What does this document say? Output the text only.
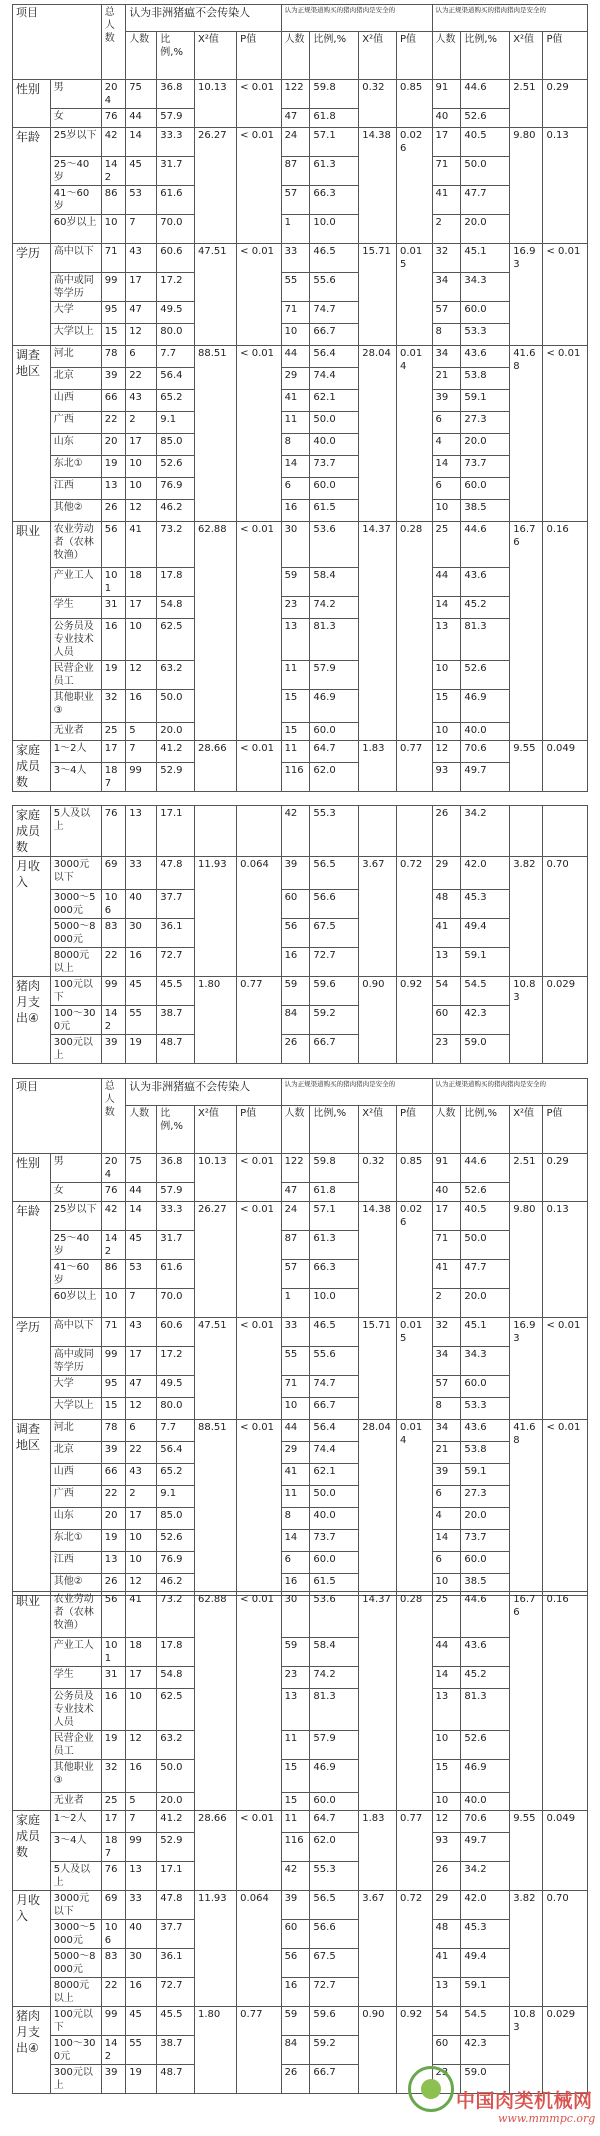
项目		总人数	认为非洲猪瘟不会传染人				认为正规渠道购买的猪肉猪肉是安全的				认为正规渠道购买的猪肉猪肉是安全的			
			人数	比例,%	X²值	P值	人数	比例,%	X²值	P值	人数	比例,%	X²值	P值
性别	男	204	75	36.8	10.13	< 0.01	122	59.8	0.32	0.85	91	44.6	2.51	0.29
	女	76	44	57.9			47	61.8			40	52.6		
年龄	25岁以下	42	14	33.3	26.27	< 0.01	24	57.1	14.38	0.026	17	40.5	9.80	0.13
	25～40岁	142	45	31.7			87	61.3			71	50.0		
	41～60岁	86	53	61.6			57	66.3			41	47.7		
	60岁以上	10	7	70.0			1	10.0			2	20.0		
学历	高中以下	71	43	60.6	47.51	< 0.01	33	46.5	15.71	0.015	32	45.1	16.93	< 0.01
	高中或同等学历	99	17	17.2			55	55.6			34	34.3		
	大学	95	47	49.5			71	74.7			57	60.0		
	大学以上	15	12	80.0			10	66.7			8	53.3		
调查地区	河北	78	6	7.7	88.51	< 0.01	44	56.4	28.04	0.014	34	43.6	41.68	< 0.01
	北京	39	22	56.4			29	74.4			21	53.8		
	山西	66	43	65.2			41	62.1			39	59.1		
	广西	22	2	9.1			11	50.0			6	27.3		
	山东	20	17	85.0			8	40.0			4	20.0		
	东北①	19	10	52.6			14	73.7			14	73.7		
	江西	13	10	76.9			6	60.0			6	60.0		
	其他②	26	12	46.2			16	61.5			10	38.5		
职业	农业劳动者（农林牧渔）	56	41	73.2	62.88	< 0.01	30	53.6	14.37	0.28	25	44.6	16.76	0.16
	产业工人	101	18	17.8			59	58.4			44	43.6		
	学生	31	17	54.8			23	74.2			14	45.2		
	公务员及专业技术人员	16	10	62.5			13	81.3			13	81.3		
	民营企业员工	19	12	63.2			11	57.9			10	52.6		
	其他职业③	32	16	50.0			15	46.9			15	46.9		
	无业者	25	5	20.0			15	60.0			10	40.0		
家庭成员数	1～2人	17	7	41.2	28.66	< 0.01	11	64.7	1.83	0.77	12	70.6	9.55	0.049
	3～4人	187	99	52.9			116	62.0			93	49.7		
家庭成员数	5人及以上	76	13	17.1			42	55.3			26	34.2		
月收入	3000元以下	69	33	47.8	11.93	0.064	39	56.5	3.67	0.72	29	42.0	3.82	0.70
	3000～5000元	106	40	37.7			60	56.6			48	45.3		
	5000～8000元	83	30	36.1			56	67.5			41	49.4		
	8000元以上	22	16	72.7			16	72.7			13	59.1		
猪肉月支出④	100元以下	99	45	45.5	1.80	0.77	59	59.6	0.90	0.92	54	54.5	10.83	0.029
	100～300元	142	55	38.7			84	59.2			60	42.3		
	300元以上	39	19	48.7			26	66.7			23	59.0		
项目		总人数	认为非洲猪瘟不会传染人				认为正规渠道购买的猪肉猪肉是安全的				认为正规渠道购买的猪肉猪肉是安全的			
			人数	比例,%	X²值	P值	人数	比例,%	X²值	P值	人数	比例,%	X²值	P值
性别	男	204	75	36.8	10.13	< 0.01	122	59.8	0.32	0.85	91	44.6	2.51	0.29
	女	76	44	57.9			47	61.8			40	52.6		
年龄	25岁以下	42	14	33.3	26.27	< 0.01	24	57.1	14.38	0.026	17	40.5	9.80	0.13
	25～40岁	142	45	31.7			87	61.3			71	50.0		
	41～60岁	86	53	61.6			57	66.3			41	47.7		
	60岁以上	10	7	70.0			1	10.0			2	20.0		
学历	高中以下	71	43	60.6	47.51	< 0.01	33	46.5	15.71	0.015	32	45.1	16.93	< 0.01
	高中或同等学历	99	17	17.2			55	55.6			34	34.3		
	大学	95	47	49.5			71	74.7			57	60.0		
	大学以上	15	12	80.0			10	66.7			8	53.3		
调查地区	河北	78	6	7.7	88.51	< 0.01	44	56.4	28.04	0.014	34	43.6	41.68	< 0.01
	北京	39	22	56.4			29	74.4			21	53.8		
	山西	66	43	65.2			41	62.1			39	59.1		
	广西	22	2	9.1			11	50.0			6	27.3		
	山东	20	17	85.0			8	40.0			4	20.0		
	东北①	19	10	52.6			14	73.7			14	73.7		
	江西	13	10	76.9			6	60.0			6	60.0		
	其他②	26	12	46.2			16	61.5			10	38.5		
职业	农业劳动者（农林牧渔）	56	41	73.2	62.88	< 0.01	30	53.6	14.37	0.28	25	44.6	16.76	0.16
	产业工人	101	18	17.8			59	58.4			44	43.6		
	学生	31	17	54.8			23	74.2			14	45.2		
	公务员及专业技术人员	16	10	62.5			13	81.3			13	81.3		
	民营企业员工	19	12	63.2			11	57.9			10	52.6		
	其他职业③	32	16	50.0			15	46.9			15	46.9		
	无业者	25	5	20.0			15	60.0			10	40.0		
家庭成员数	1～2人	17	7	41.2	28.66	< 0.01	11	64.7	1.83	0.77	12	70.6	9.55	0.049
	3～4人	187	99	52.9			116	62.0			93	49.7		
	5人及以上	76	13	17.1			42	55.3			26	34.2		
月收入	3000元以下	69	33	47.8	11.93	0.064	39	56.5	3.67	0.72	29	42.0	3.82	0.70
	3000～5000元	106	40	37.7			60	56.6			48	45.3		
	5000～8000元	83	30	36.1			56	67.5			41	49.4		
	8000元以上	22	16	72.7			16	72.7			13	59.1		
猪肉月支出④	100元以下	99	45	45.5	1.80	0.77	59	59.6	0.90	0.92	54	54.5	10.83	0.029
	100～300元	142	55	38.7			84	59.2			60	42.3		
	300元以上	39	19	48.7			26	66.7			23	59.0		
中国肉类机械网
www.mmmpc.org
